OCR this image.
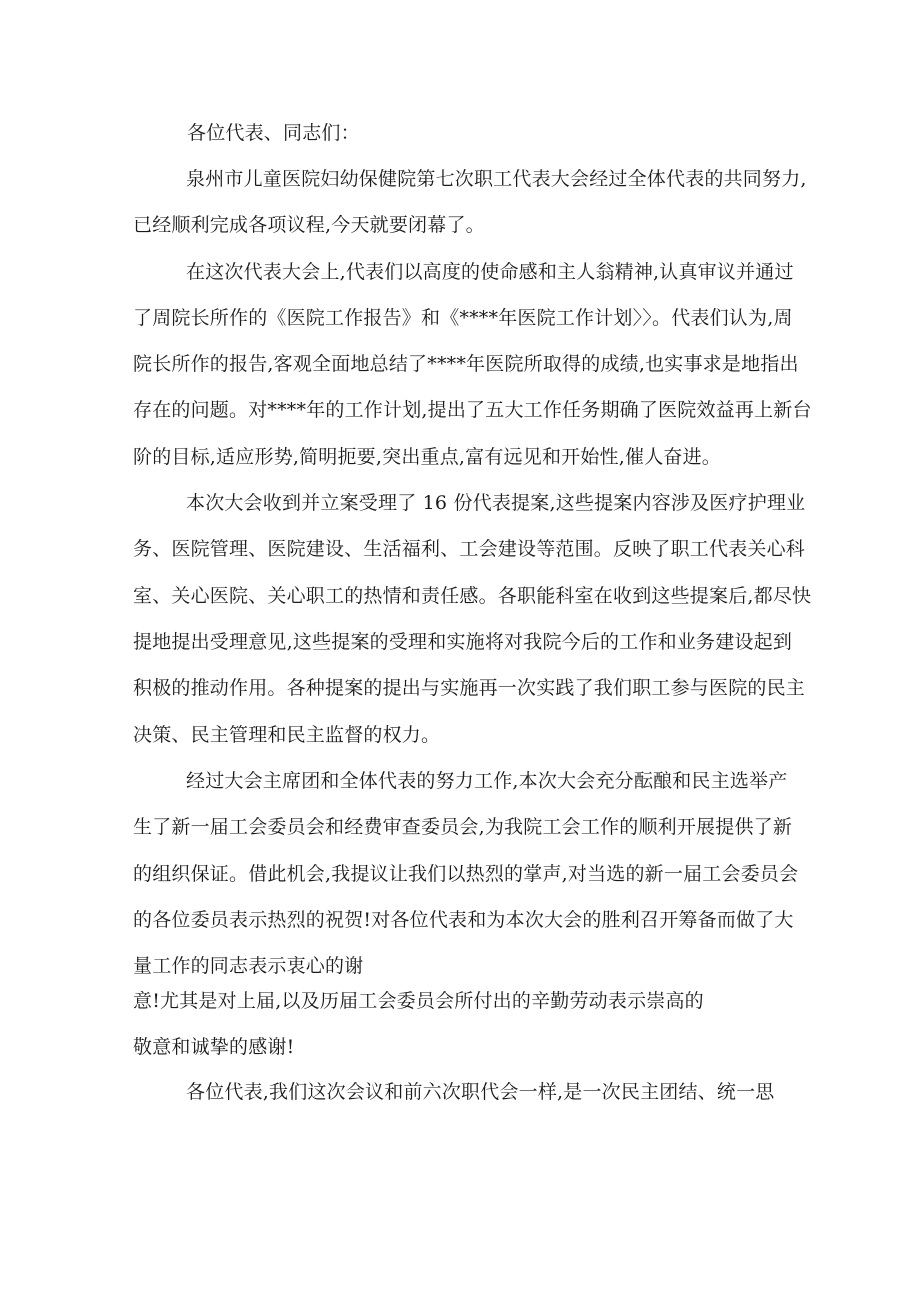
各位代表、同志们：
泉州市儿童医院妇幼保健院第七次职工代表大会经过全体代表的共同努力,
已经顺利完成各项议程,今天就要闭幕了。
在这次代表大会上,代表们以高度的使命感和主人翁精神,认真审议并通过
了周院长所作的《医院工作报告》和《****年医院工作计划〉〉。代表们认为,周
院长所作的报告,客观全面地总结了****年医院所取得的成绩,也实事求是地指出
存在的问题。对****年的工作计划,提出了五大工作任务期确了医院效益再上新台
阶的目标,适应形势,简明扼要,突出重点,富有远见和开始性,催人奋进。
本次大会收到并立案受理了 16 份代表提案,这些提案内容涉及医疗护理业
务、医院管理、医院建设、生活福利、工会建设等范围。反映了职工代表关心科
室、关心医院、关心职工的热情和责任感。各职能科室在收到这些提案后,都尽快
提地提出受理意见,这些提案的受理和实施将对我院今后的工作和业务建设起到
积极的推动作用。各种提案的提出与实施再一次实践了我们职工参与医院的民主
决策、民主管理和民主监督的权力。
经过大会主席团和全体代表的努力工作,本次大会充分酝酿和民主选举产
生了新一届工会委员会和经费审查委员会,为我院工会工作的顺利开展提供了新
的组织保证。借此机会,我提议让我们以热烈的掌声,对当选的新一届工会委员会
的各位委员表示热烈的祝贺!对各位代表和为本次大会的胜利召开筹备而做了大
量工作的同志表示衷心的谢
意!尤其是对上届,以及历届工会委员会所付出的辛勤劳动表示崇高的
敬意和诚挚的感谢!
各位代表,我们这次会议和前六次职代会一样,是一次民主团结、统一思
